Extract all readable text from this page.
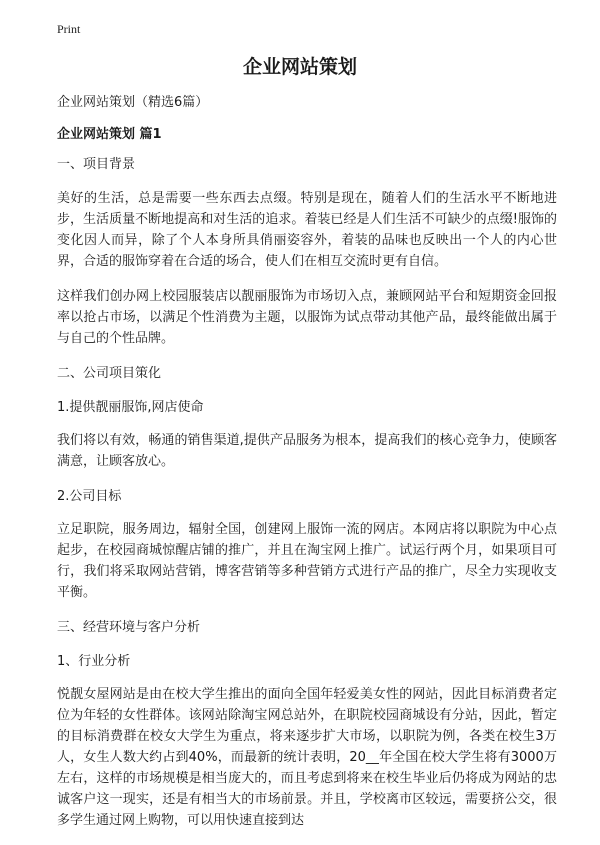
Print
企业网站策划

企业网站策划（精选6篇）

企业网站策划 篇1

一、项目背景

美好的生活，总是需要一些东西去点缀。特别是现在，随着人们的生活水平不断地进步，生活质量不断地提高和对生活的追求。着装已经是人们生活不可缺少的点缀!服饰的变化因人而异，除了个人本身所具俏丽姿容外，着装的品味也反映出一个人的内心世界，合适的服饰穿着在合适的场合，使人们在相互交流时更有自信。

这样我们创办网上校园服装店以靓丽服饰为市场切入点，兼顾网站平台和短期资金回报率以抢占市场，以满足个性消费为主题，以服饰为试点带动其他产品，最终能做出属于与自己的个性品牌。

二、公司项目策化

1.提供靓丽服饰,网店使命

我们将以有效，畅通的销售渠道,提供产品服务为根本，提高我们的核心竞争力，使顾客满意，让顾客放心。

2.公司目标

立足职院，服务周边，辐射全国，创建网上服饰一流的网店。本网店将以职院为中心点起步，在校园商城惊醒店铺的推广，并且在淘宝网上推广。试运行两个月，如果项目可行，我们将采取网站营销，博客营销等多种营销方式进行产品的推广，尽全力实现收支平衡。

三、经营环境与客户分析

1、行业分析

悦靓女屋网站是由在校大学生推出的面向全国年轻爱美女性的网站，因此目标消费者定位为年轻的女性群体。该网站除淘宝网总站外，在职院校园商城设有分站，因此，暂定的目标消费群在校女大学生为重点，将来逐步扩大市场，以职院为例，各类在校生3万人，女生人数大约占到40%，而最新的统计表明，20__年全国在校大学生将有3000万左右，这样的市场规模是相当庞大的，而且考虑到将来在校生毕业后仍将成为网站的忠诚客户这一现实，还是有相当大的市场前景。并且，学校离市区较远，需要挤公交，很多学生通过网上购物，可以用快速直接到达
